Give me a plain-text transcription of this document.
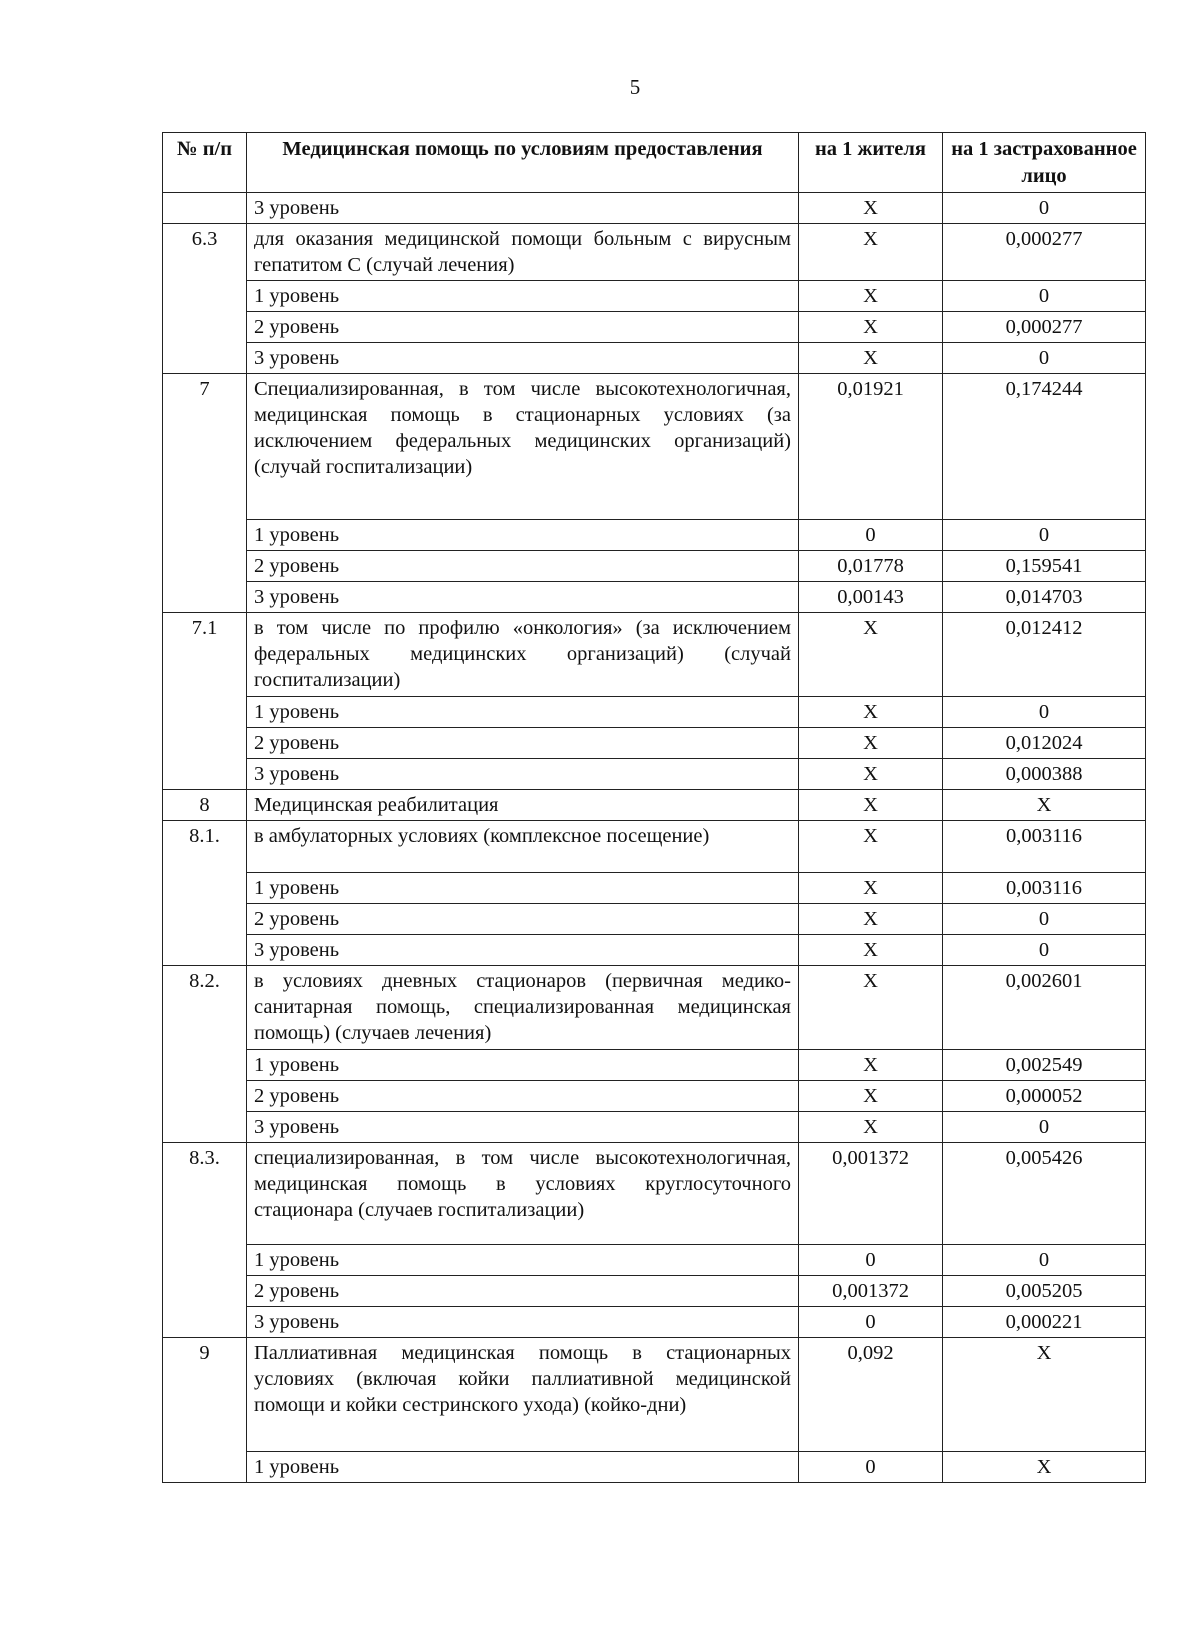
5
№ п/п	Медицинская помощь по условиям предоставления	на 1 жителя	на 1 застрахованное лицо
	3 уровень	Х	0
6.3	для оказания медицинской помощи больным с вирусным гепатитом С (случай лечения)	Х	0,000277
	1 уровень	Х	0
	2 уровень	Х	0,000277
	3 уровень	Х	0
7	Специализированная, в том числе высокотехнологичная, медицинская помощь в стационарных условиях (за исключением федеральных медицинских организаций) (случай госпитализации)	0,01921	0,174244
	1 уровень	0	0
	2 уровень	0,01778	0,159541
	3 уровень	0,00143	0,014703
7.1	в том числе по профилю «онкология» (за исключением федеральных медицинских организаций) (случай госпитализации)	Х	0,012412
	1 уровень	Х	0
	2 уровень	Х	0,012024
	3 уровень	Х	0,000388
8	Медицинская реабилитация	Х	Х
8.1.	в амбулаторных условиях (комплексное посещение)	Х	0,003116
	1 уровень	Х	0,003116
	2 уровень	Х	0
	3 уровень	Х	0
8.2.	в условиях дневных стационаров (первичная медико-санитарная помощь, специализированная медицинская помощь) (случаев лечения)	Х	0,002601
	1 уровень	Х	0,002549
	2 уровень	Х	0,000052
	3 уровень	Х	0
8.3.	специализированная, в том числе высокотехнологичная, медицинская помощь в условиях круглосуточного стационара (случаев госпитализации)	0,001372	0,005426
	1 уровень	0	0
	2 уровень	0,001372	0,005205
	3 уровень	0	0,000221
9	Паллиативная медицинская помощь в стационарных условиях (включая койки паллиативной медицинской помощи и койки сестринского ухода) (койко-дни)	0,092	Х
	1 уровень	0	Х
